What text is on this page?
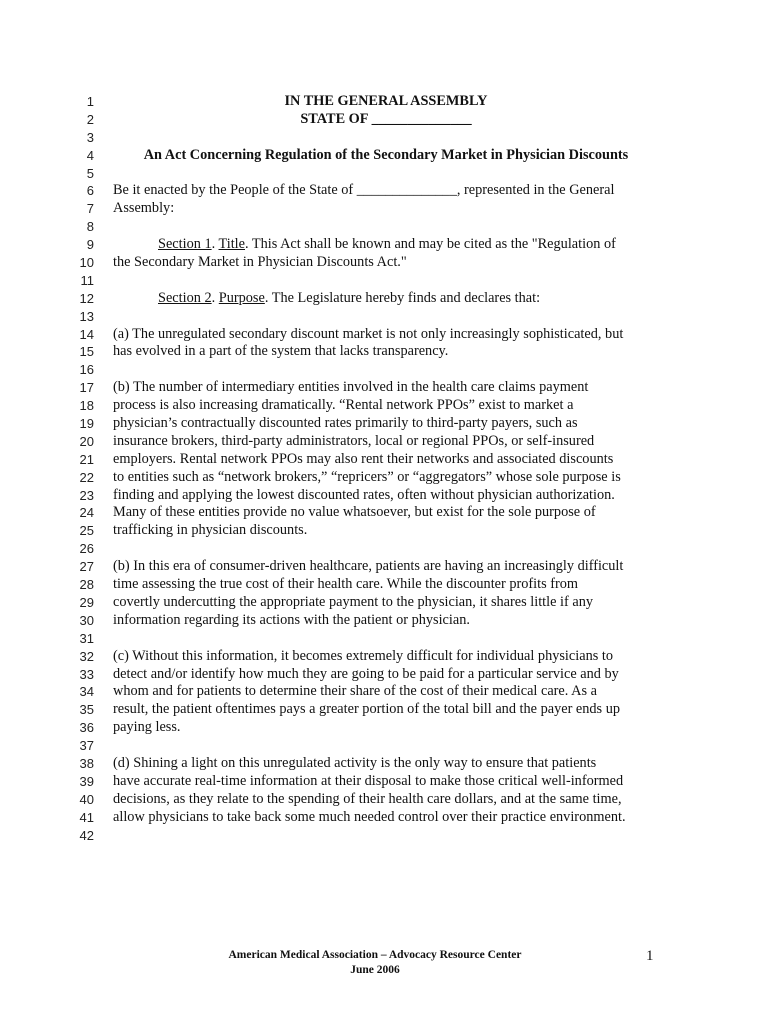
1
2
3
4
5
6
7
8
9
10
11
12
13
14
15
16
17
18
19
20
21
22
23
24
25
26
27
28
29
30
31
32
33
34
35
36
37
38
39
40
41
42
IN THE GENERAL ASSEMBLY
STATE OF ______________
An Act Concerning Regulation of the Secondary Market in Physician Discounts
Be it enacted by the People of the State of ______________, represented in the General
Assembly:
Section 1. Title. This Act shall be known and may be cited as the "Regulation of
the Secondary Market in Physician Discounts Act."
Section 2. Purpose. The Legislature hereby finds and declares that:
(a) The unregulated secondary discount market is not only increasingly sophisticated, but
has evolved in a part of the system that lacks transparency.
(b) The number of intermediary entities involved in the health care claims payment
process is also increasing dramatically. “Rental network PPOs” exist to market a
physician’s contractually discounted rates primarily to third-party payers, such as
insurance brokers, third-party administrators, local or regional PPOs, or self-insured
employers. Rental network PPOs may also rent their networks and associated discounts
to entities such as “network brokers,” “repricers” or “aggregators” whose sole purpose is
finding and applying the lowest discounted rates, often without physician authorization.
Many of these entities provide no value whatsoever, but exist for the sole purpose of
trafficking in physician discounts.
(b) In this era of consumer-driven healthcare, patients are having an increasingly difficult
time assessing the true cost of their health care. While the discounter profits from
covertly undercutting the appropriate payment to the physician, it shares little if any
information regarding its actions with the patient or physician.
(c) Without this information, it becomes extremely difficult for individual physicians to
detect and/or identify how much they are going to be paid for a particular service and by
whom and for patients to determine their share of the cost of their medical care. As a
result, the patient oftentimes pays a greater portion of the total bill and the payer ends up
paying less.
(d) Shining a light on this unregulated activity is the only way to ensure that patients
have accurate real-time information at their disposal to make those critical well-informed
decisions, as they relate to the spending of their health care dollars, and at the same time,
allow physicians to take back some much needed control over their practice environment.
American Medical Association – Advocacy Resource Center
June 2006
1
